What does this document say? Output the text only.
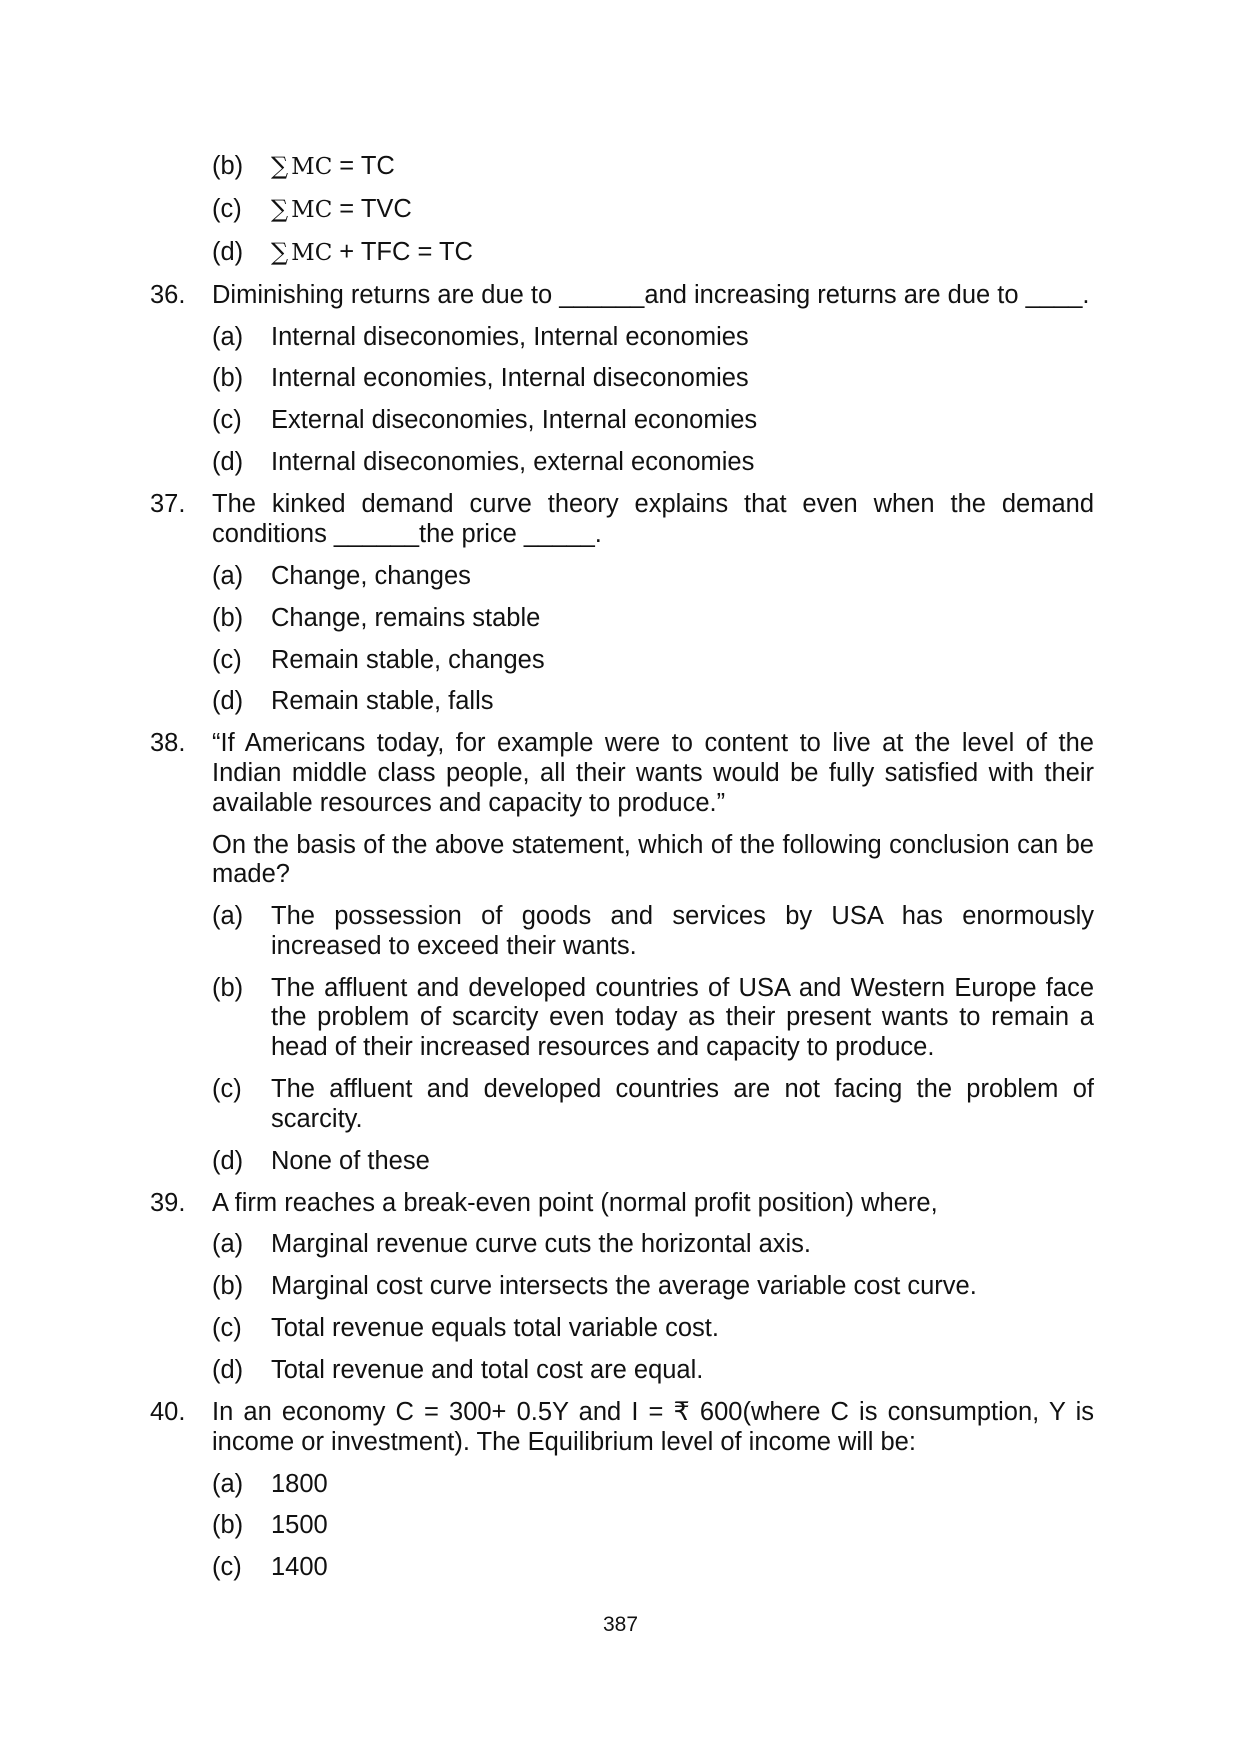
(b)	∑ MC = TC
(c)	∑ MC = TVC
(d)	∑ MC + TFC = TC
36.	Diminishing returns are due to ______and increasing returns are due to ____.
(a)	Internal diseconomies, Internal economies
(b)	Internal economies, Internal diseconomies
(c)	External diseconomies, Internal economies
(d)	Internal diseconomies, external economies
37.	The kinked demand curve theory explains that even when the demand conditions ______the price _____.
(a)	Change, changes
(b)	Change, remains stable
(c)	Remain stable, changes
(d)	Remain stable, falls
38.	“If Americans today, for example were to content to live at the level of the Indian middle class people, all their wants would be fully satisfied with their available resources and capacity to produce.”
On the basis of the above statement, which of the following conclusion can be made?
(a)	The possession of goods and services by USA has enormously increased to exceed their wants.
(b)	The affluent and developed countries of USA and Western Europe face the problem of scarcity even today as their present wants to remain a head of their increased resources and capacity to produce.
(c)	The affluent and developed countries are not facing the problem of scarcity.
(d)	None of these
39.	A firm reaches a break-even point (normal profit position) where,
(a)	Marginal revenue curve cuts the horizontal axis.
(b)	Marginal cost curve intersects the average variable cost curve.
(c)	Total revenue equals total variable cost.
(d)	Total revenue and total cost are equal.
40.	In an economy C = 300+ 0.5Y and I = ₹ 600(where C is consumption, Y is income or investment). The Equilibrium level of income will be:
(a)	1800
(b)	1500
(c)	1400
387
